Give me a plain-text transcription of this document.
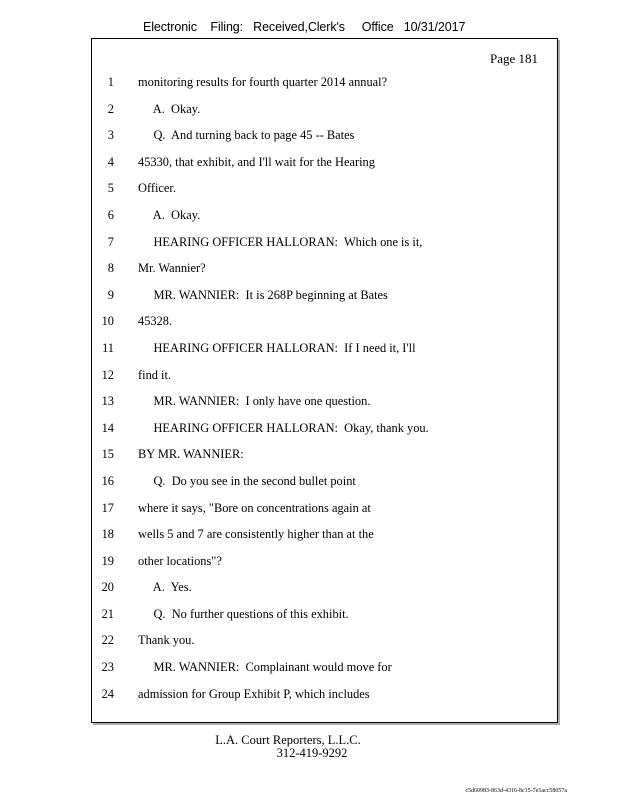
Electronic    Filing:   Received,Clerk's     Office   10/31/2017
Page 181
1 monitoring results for fourth quarter 2014 annual?
2 A.  Okay.
3 Q.  And turning back to page 45 -- Bates
4 45330, that exhibit, and I'll wait for the Hearing
5 Officer.
6 A.  Okay.
7 HEARING OFFICER HALLORAN:  Which one is it,
8 Mr. Wannier?
9 MR. WANNIER:  It is 268P beginning at Bates
10 45328.
11 HEARING OFFICER HALLORAN:  If I need it, I'll
12 find it.
13 MR. WANNIER:  I only have one question.
14 HEARING OFFICER HALLORAN:  Okay, thank you.
15 BY MR. WANNIER:
16 Q.  Do you see in the second bullet point
17 where it says, "Bore on concentrations again at
18 wells 5 and 7 are consistently higher than at the
19 other locations"?
20 A.  Yes.
21 Q.  No further questions of this exhibit.
22 Thank you.
23 MR. WANNIER:  Complainant would move for
24 admission for Group Exhibit P, which includes
L.A. Court Reporters, L.L.C.
312-419-9292
c5d60983-863d-4316-8c15-7e5acc58057a
